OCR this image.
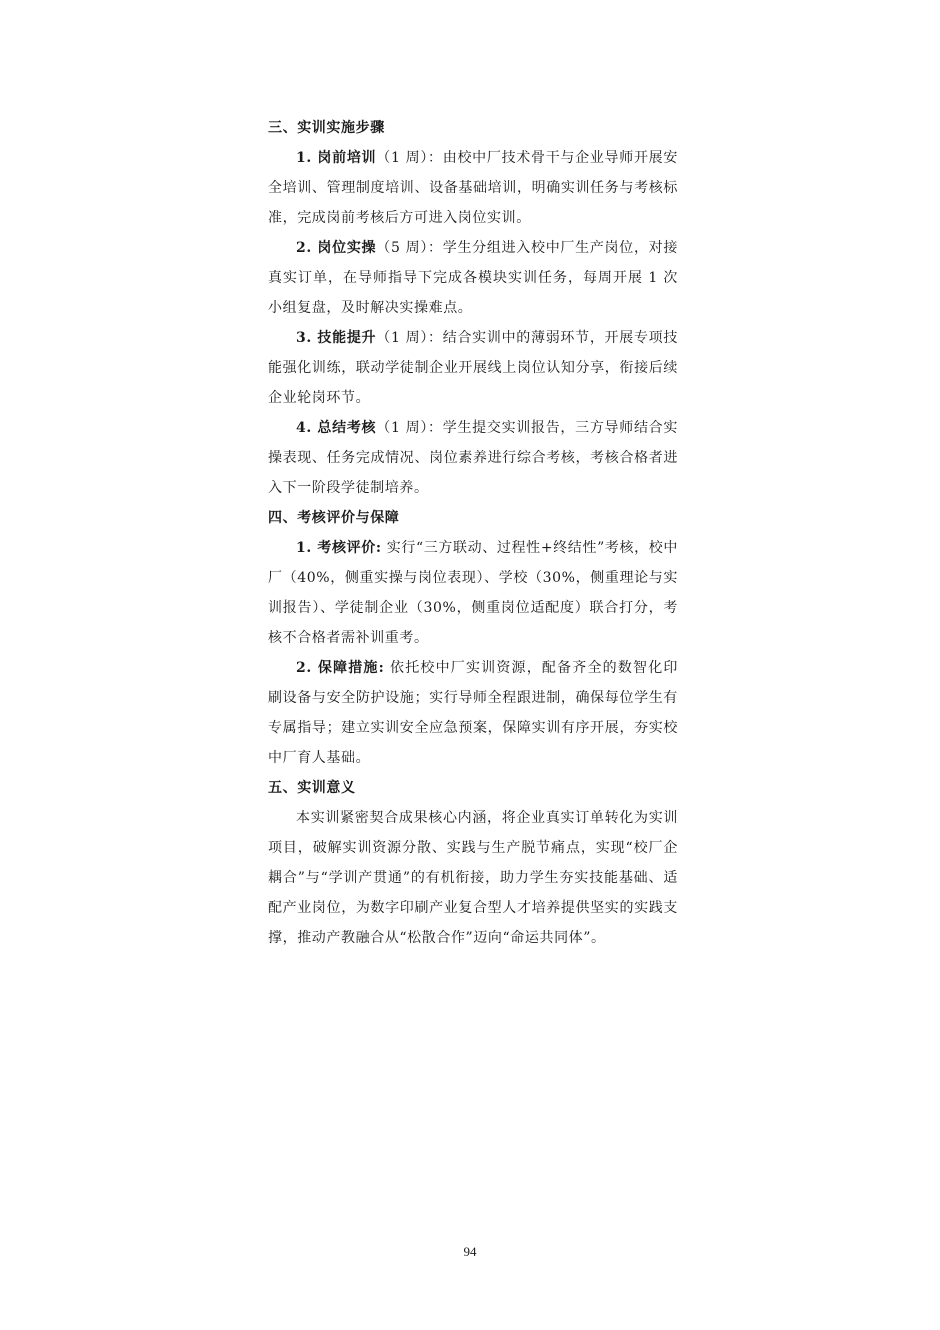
三、实训实施步骤

1. 岗前培训（1 周）：由校中厂技术骨干与企业导师开展安全培训、管理制度培训、设备基础培训，明确实训任务与考核标准，完成岗前考核后方可进入岗位实训。

2. 岗位实操（5 周）：学生分组进入校中厂生产岗位，对接真实订单，在导师指导下完成各模块实训任务，每周开展 1 次小组复盘，及时解决实操难点。

3. 技能提升（1 周）：结合实训中的薄弱环节，开展专项技能强化训练，联动学徒制企业开展线上岗位认知分享，衔接后续企业轮岗环节。

4. 总结考核（1 周）：学生提交实训报告，三方导师结合实操表现、任务完成情况、岗位素养进行综合考核，考核合格者进入下一阶段学徒制培养。

四、考核评价与保障

1. 考核评价: 实行“三方联动、过程性+终结性”考核，校中厂（40%，侧重实操与岗位表现）、学校（30%，侧重理论与实训报告）、学徒制企业（30%，侧重岗位适配度）联合打分，考核不合格者需补训重考。

2. 保障措施: 依托校中厂实训资源，配备齐全的数智化印刷设备与安全防护设施；实行导师全程跟进制，确保每位学生有专属指导；建立实训安全应急预案，保障实训有序开展，夯实校中厂育人基础。

五、实训意义

本实训紧密契合成果核心内涵，将企业真实订单转化为实训项目，破解实训资源分散、实践与生产脱节痛点，实现“校厂企耦合”与“学训产贯通”的有机衔接，助力学生夯实技能基础、适配产业岗位，为数字印刷产业复合型人才培养提供坚实的实践支撑，推动产教融合从“松散合作”迈向“命运共同体”。

94
